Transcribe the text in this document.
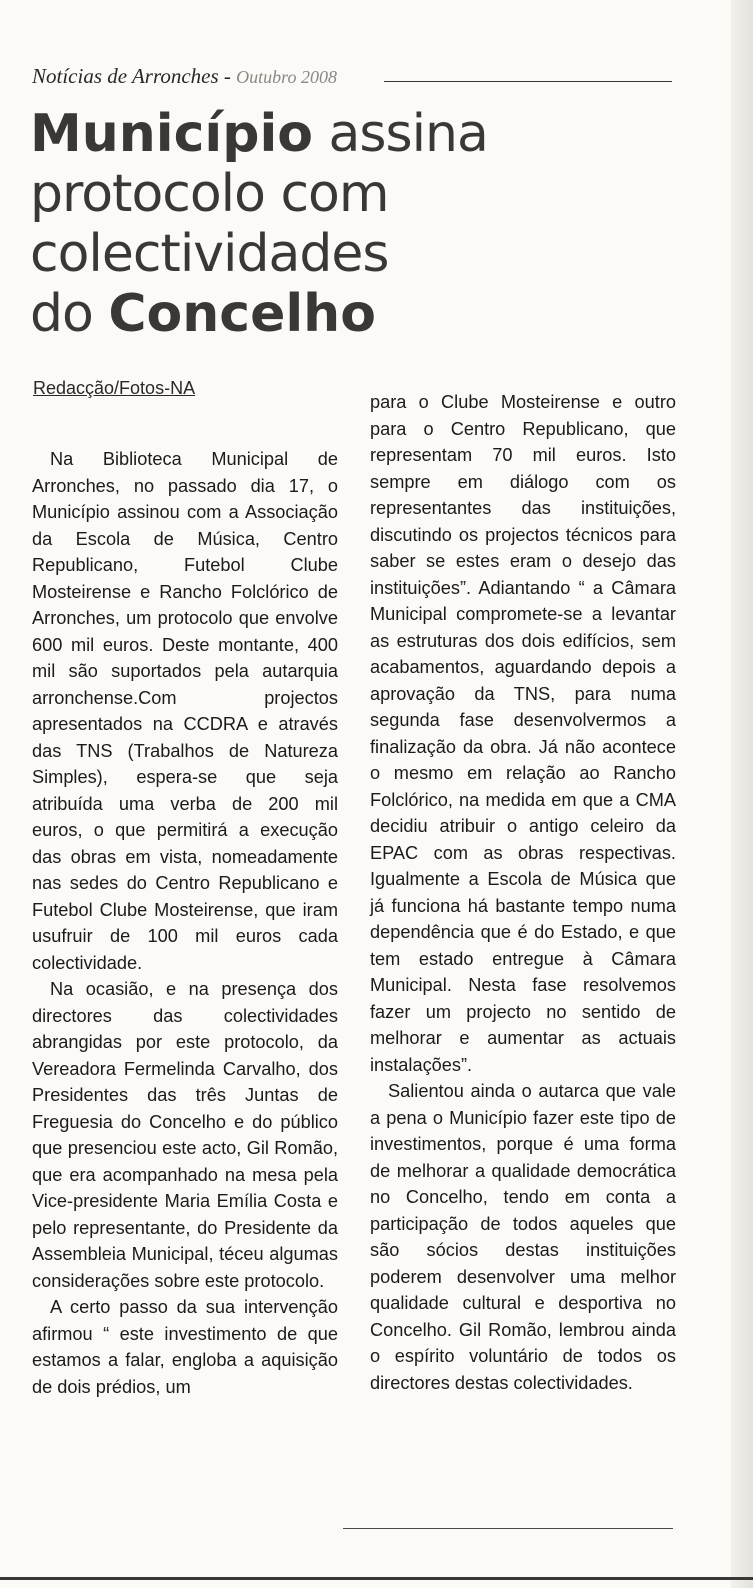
Notícias de Arronches - Outubro 2008
Município assina
protocolo com
colectividades
do Concelho
Redacção/Fotos-NA

Na Biblioteca Municipal de Arronches, no passado dia 17, o Município assinou com a Associação da Escola de Música, Centro Republicano, Futebol Clube Mosteirense e Rancho Folclórico de Arronches, um protocolo que envolve 600 mil euros. Deste montante, 400 mil são suportados pela autarquia arronchense.Com projectos apresentados na CCDRA e através das TNS (Trabalhos de Natureza Simples), espera-se que seja atribuída uma verba de 200 mil euros, o que permitirá a execução das obras em vista, nomeadamente nas sedes do Centro Republicano e Futebol Clube Mosteirense, que iram usufruir de 100 mil euros cada colectividade.

Na ocasião, e na presença dos directores das colectividades abrangidas por este protocolo, da Vereadora Fermelinda Carvalho, dos Presidentes das três Juntas de Freguesia do Concelho e do público que presenciou este acto, Gil Romão, que era acompanhado na mesa pela Vice-presidente Maria Emília Costa e pelo representante, do Presidente da Assembleia Municipal, téceu algumas considerações sobre este protocolo.

A certo passo da sua intervenção afirmou “ este investimento de que estamos a falar, engloba a aquisição de dois prédios, um

para o Clube Mosteirense e outro para o Centro Republicano, que representam 70 mil euros. Isto sempre em diálogo com os representantes das instituições, discutindo os projectos técnicos para saber se estes eram o desejo das instituições”. Adiantando “ a Câmara Municipal compromete-se a levantar as estruturas dos dois edifícios, sem acabamentos, aguardando depois a aprovação da TNS, para numa segunda fase desenvolvermos a finalização da obra. Já não acontece o mesmo em relação ao Rancho Folclórico, na medida em que a CMA decidiu atribuir o antigo celeiro da EPAC com as obras respectivas. Igualmente a Escola de Música que já funciona há bastante tempo numa dependência que é do Estado, e que tem estado entregue à Câmara Municipal. Nesta fase resolvemos fazer um projecto no sentido de melhorar e aumentar as actuais instalações”.

Salientou ainda o autarca que vale a pena o Município fazer este tipo de investimentos, porque é uma forma de melhorar a qualidade democrática no Concelho, tendo em conta a participação de todos aqueles que são sócios destas instituições poderem desenvolver uma melhor qualidade cultural e desportiva no Concelho. Gil Romão, lembrou ainda o espírito voluntário de todos os directores destas colectividades.
